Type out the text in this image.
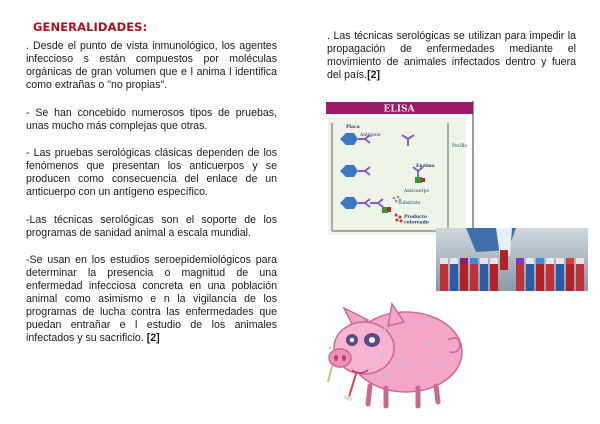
GENERALIDADES:

. Desde el punto de vista inmunológico, los agentes infeccioso s están compuestos por moléculas orgánicas de gran volumen que e l anima l identifica como extrañas o "no propias".

- Se han concebido numerosos tipos de pruebas, unas mucho más complejas que otras.

- Las pruebas serológicas clásicas dependen de los fenómenos que presentan los anticuerpos y se producen como consecuencia del enlace de un anticuerpo con un antígeno específico.

-Las técnicas serológicas son el soporte de los programas de sanidad animal a escala mundial.

-Se usan en los estudios seroepidemiológicos para determinar la presencia o magnitud de una enfermedad infecciosa concreta en una población animal como asimismo e n la vigilancia de los programas de lucha contra las enfermedades que puedan entrañar e l estudio de los animales infectados y su sacrificio. [2]

. Las técnicas serológicas se utilizan para impedir la propagación de enfermedades mediante el movimiento de animales infectados dentro y fuera del país.[2]

ELISA
Placa
Antígeno
Pocillo
Enzima
Anticuerpo
Substrato
Producto
coloreado
